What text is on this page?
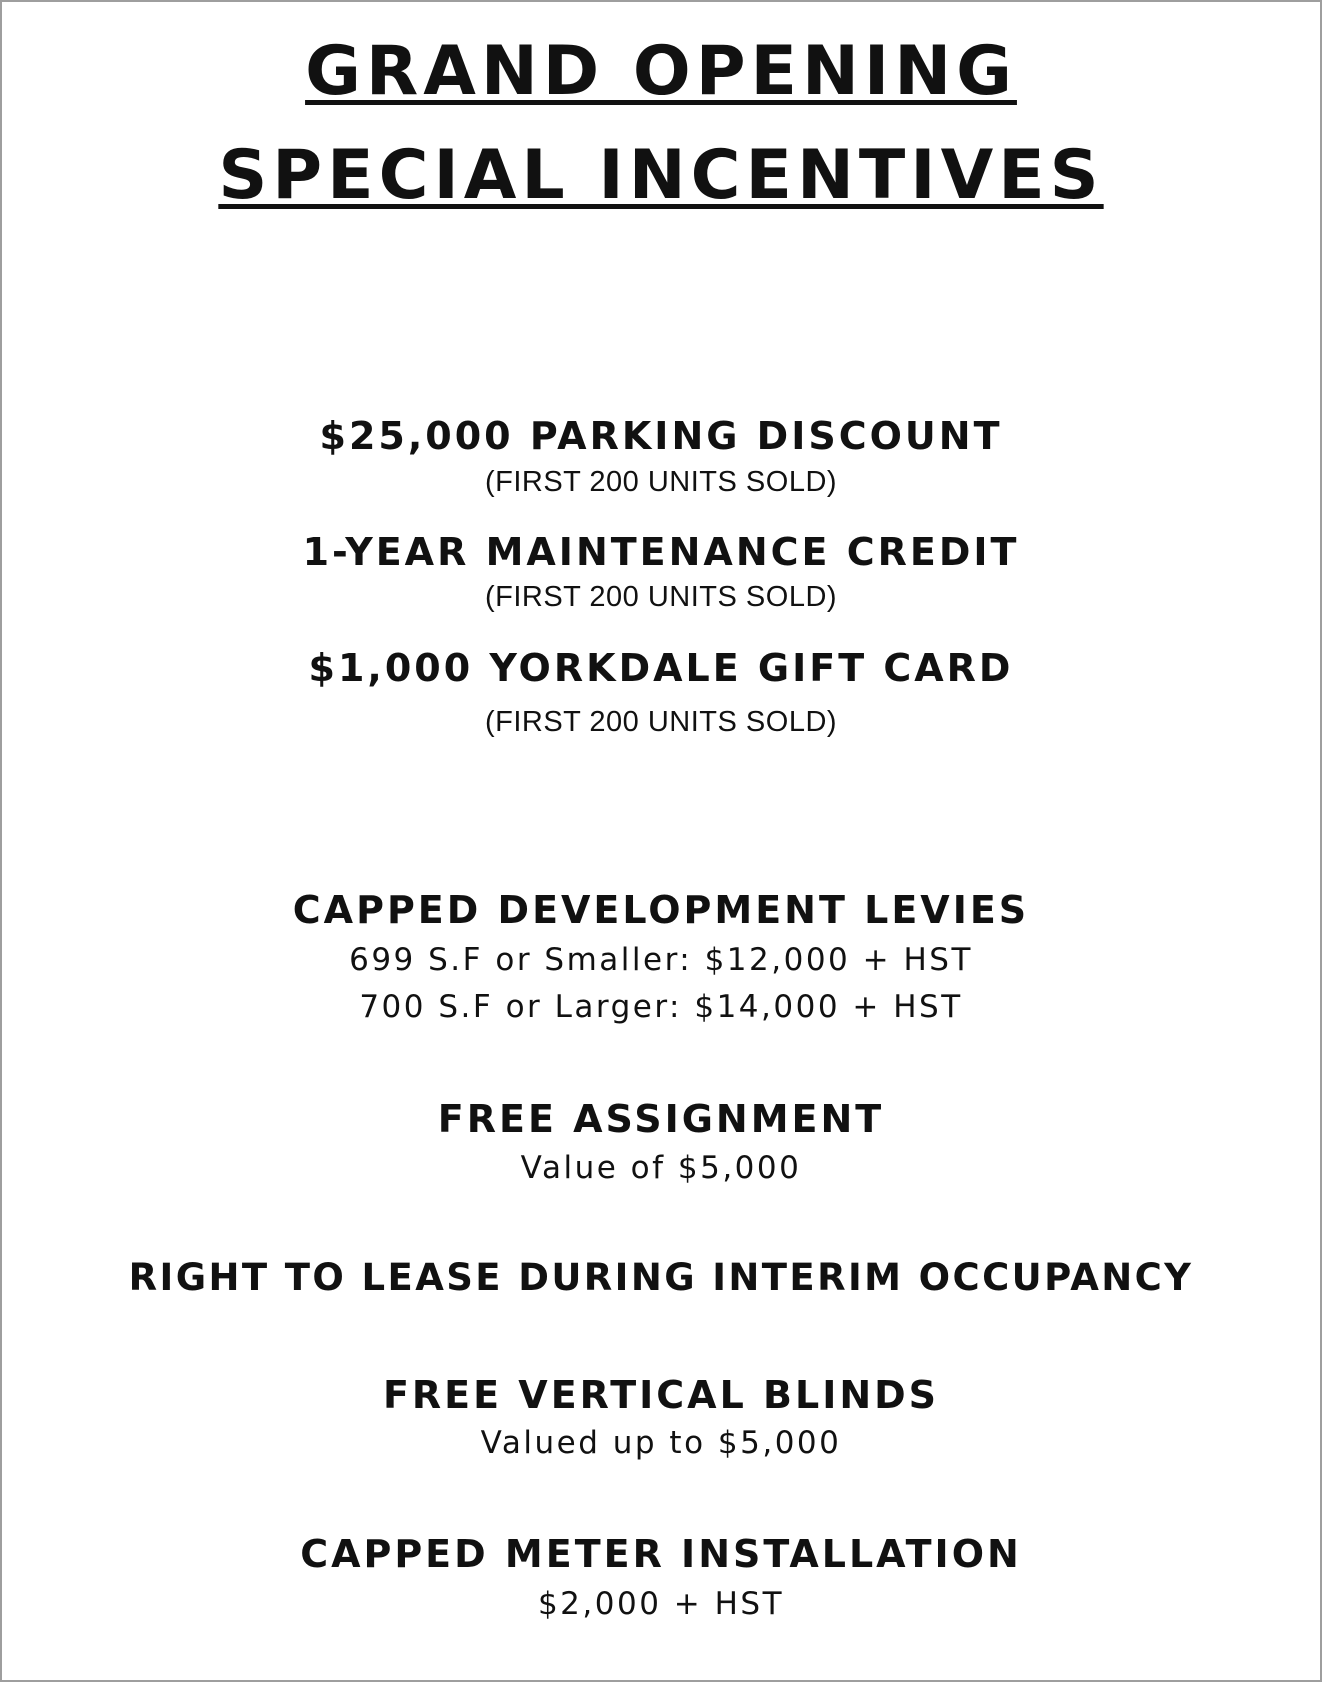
GRAND OPENING
SPECIAL INCENTIVES
$25,000 PARKING DISCOUNT
(FIRST 200 UNITS SOLD)
1-YEAR MAINTENANCE CREDIT
(FIRST 200 UNITS SOLD)
$1,000 YORKDALE GIFT CARD
(FIRST 200 UNITS SOLD)
CAPPED DEVELOPMENT LEVIES
699 S.F or Smaller: $12,000 + HST
700 S.F or Larger: $14,000 + HST
FREE ASSIGNMENT
Value of $5,000
RIGHT TO LEASE DURING INTERIM OCCUPANCY
FREE VERTICAL BLINDS
Valued up to $5,000
CAPPED METER INSTALLATION
$2,000 + HST
